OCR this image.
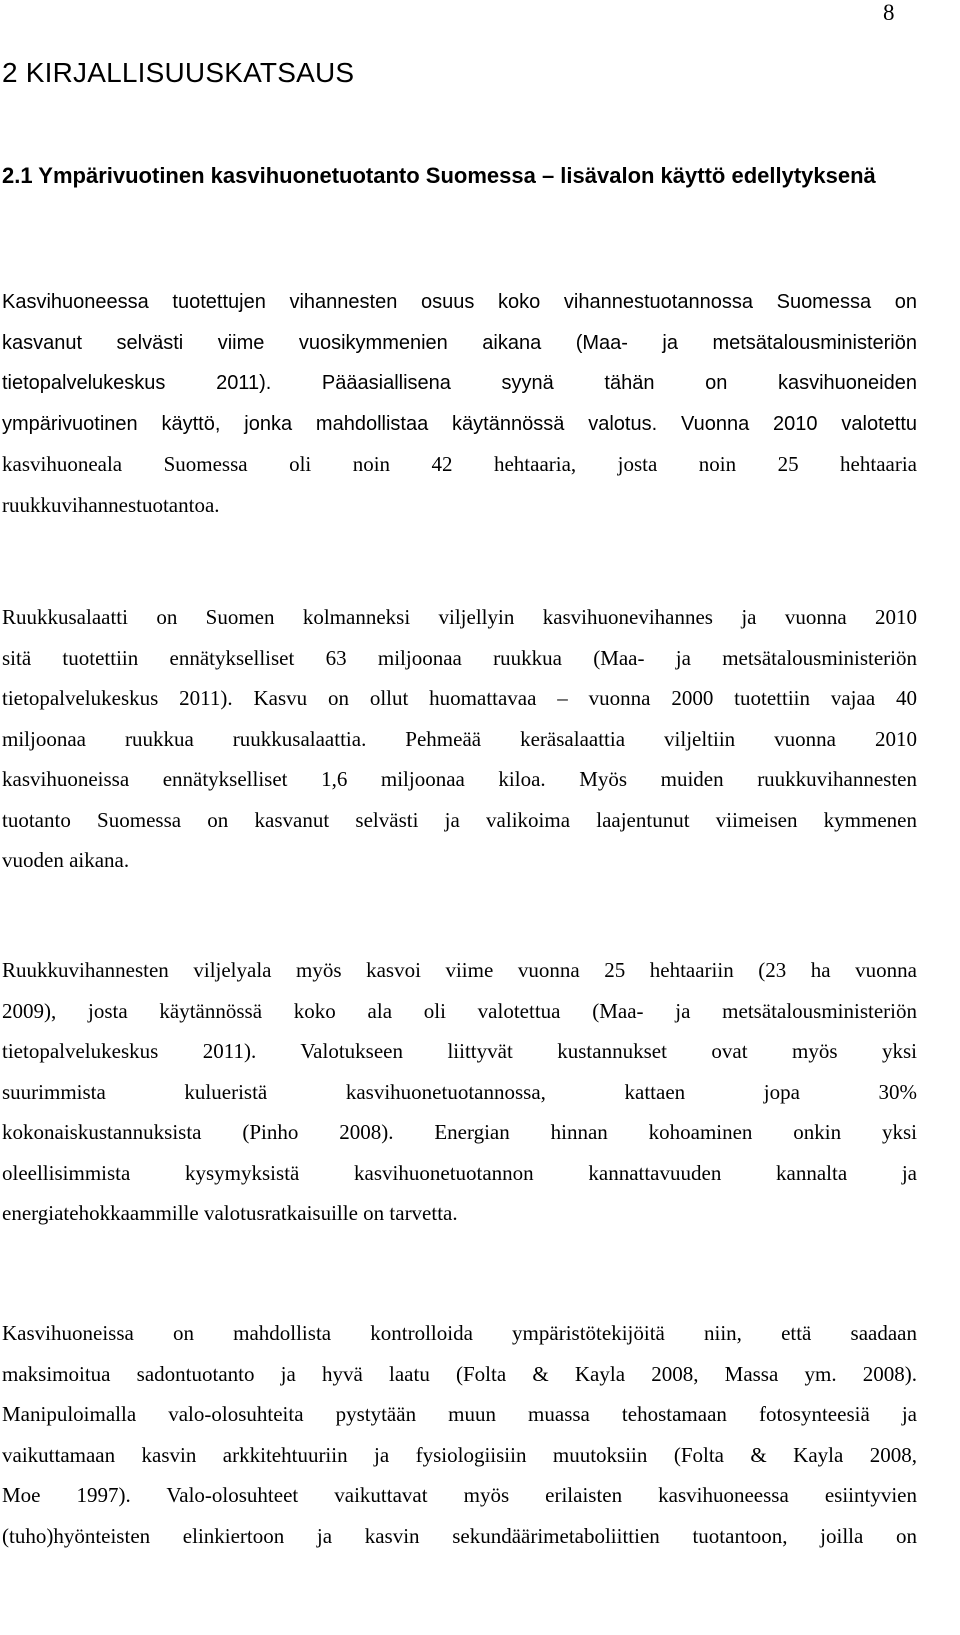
8
2 KIRJALLISUUSKATSAUS
2.1 Ympärivuotinen kasvihuonetuotanto Suomessa – lisävalon käyttö edellytyksenä

Kasvihuoneessa tuotettujen vihannesten osuus koko vihannestuotannossa Suomessa on
kasvanut selvästi viime vuosikymmenien aikana (Maa- ja metsätalousministeriön
tietopalvelukeskus 2011). Pääasiallisena syynä tähän on kasvihuoneiden
ympärivuotinen käyttö, jonka mahdollistaa käytännössä valotus. Vuonna 2010 valotettu
kasvihuoneala Suomessa oli noin 42 hehtaaria, josta noin 25 hehtaaria
ruukkuvihannestuotantoa.

Ruukkusalaatti on Suomen kolmanneksi viljellyin kasvihuonevihannes ja vuonna 2010
sitä tuotettiin ennätykselliset 63 miljoonaa ruukkua (Maa- ja metsätalousministeriön
tietopalvelukeskus 2011). Kasvu on ollut huomattavaa – vuonna 2000 tuotettiin vajaa 40
miljoonaa ruukkua ruukkusalaattia. Pehmeää keräsalaattia viljeltiin vuonna 2010
kasvihuoneissa ennätykselliset 1,6 miljoonaa kiloa. Myös muiden ruukkuvihannesten
tuotanto Suomessa on kasvanut selvästi ja valikoima laajentunut viimeisen kymmenen
vuoden aikana.

Ruukkuvihannesten viljelyala myös kasvoi viime vuonna 25 hehtaariin (23 ha vuonna
2009), josta käytännössä koko ala oli valotettua (Maa- ja metsätalousministeriön
tietopalvelukeskus 2011). Valotukseen liittyvät kustannukset ovat myös yksi
suurimmista kulueristä kasvihuonetuotannossa, kattaen jopa 30%
kokonaiskustannuksista (Pinho 2008). Energian hinnan kohoaminen onkin yksi
oleellisimmista kysymyksistä kasvihuonetuotannon kannattavuuden kannalta ja
energiatehokkaammille valotusratkaisuille on tarvetta.

Kasvihuoneissa on mahdollista kontrolloida ympäristötekijöitä niin, että saadaan
maksimoitua sadontuotanto ja hyvä laatu (Folta & Kayla 2008, Massa ym. 2008).
Manipuloimalla valo-olosuhteita pystytään muun muassa tehostamaan fotosynteesiä ja
vaikuttamaan kasvin arkkitehtuuriin ja fysiologiisiin muutoksiin (Folta & Kayla 2008,
Moe 1997). Valo-olosuhteet vaikuttavat myös erilaisten kasvihuoneessa esiintyvien
(tuho)hyönteisten elinkiertoon ja kasvin sekundäärimetaboliittien tuotantoon, joilla on
